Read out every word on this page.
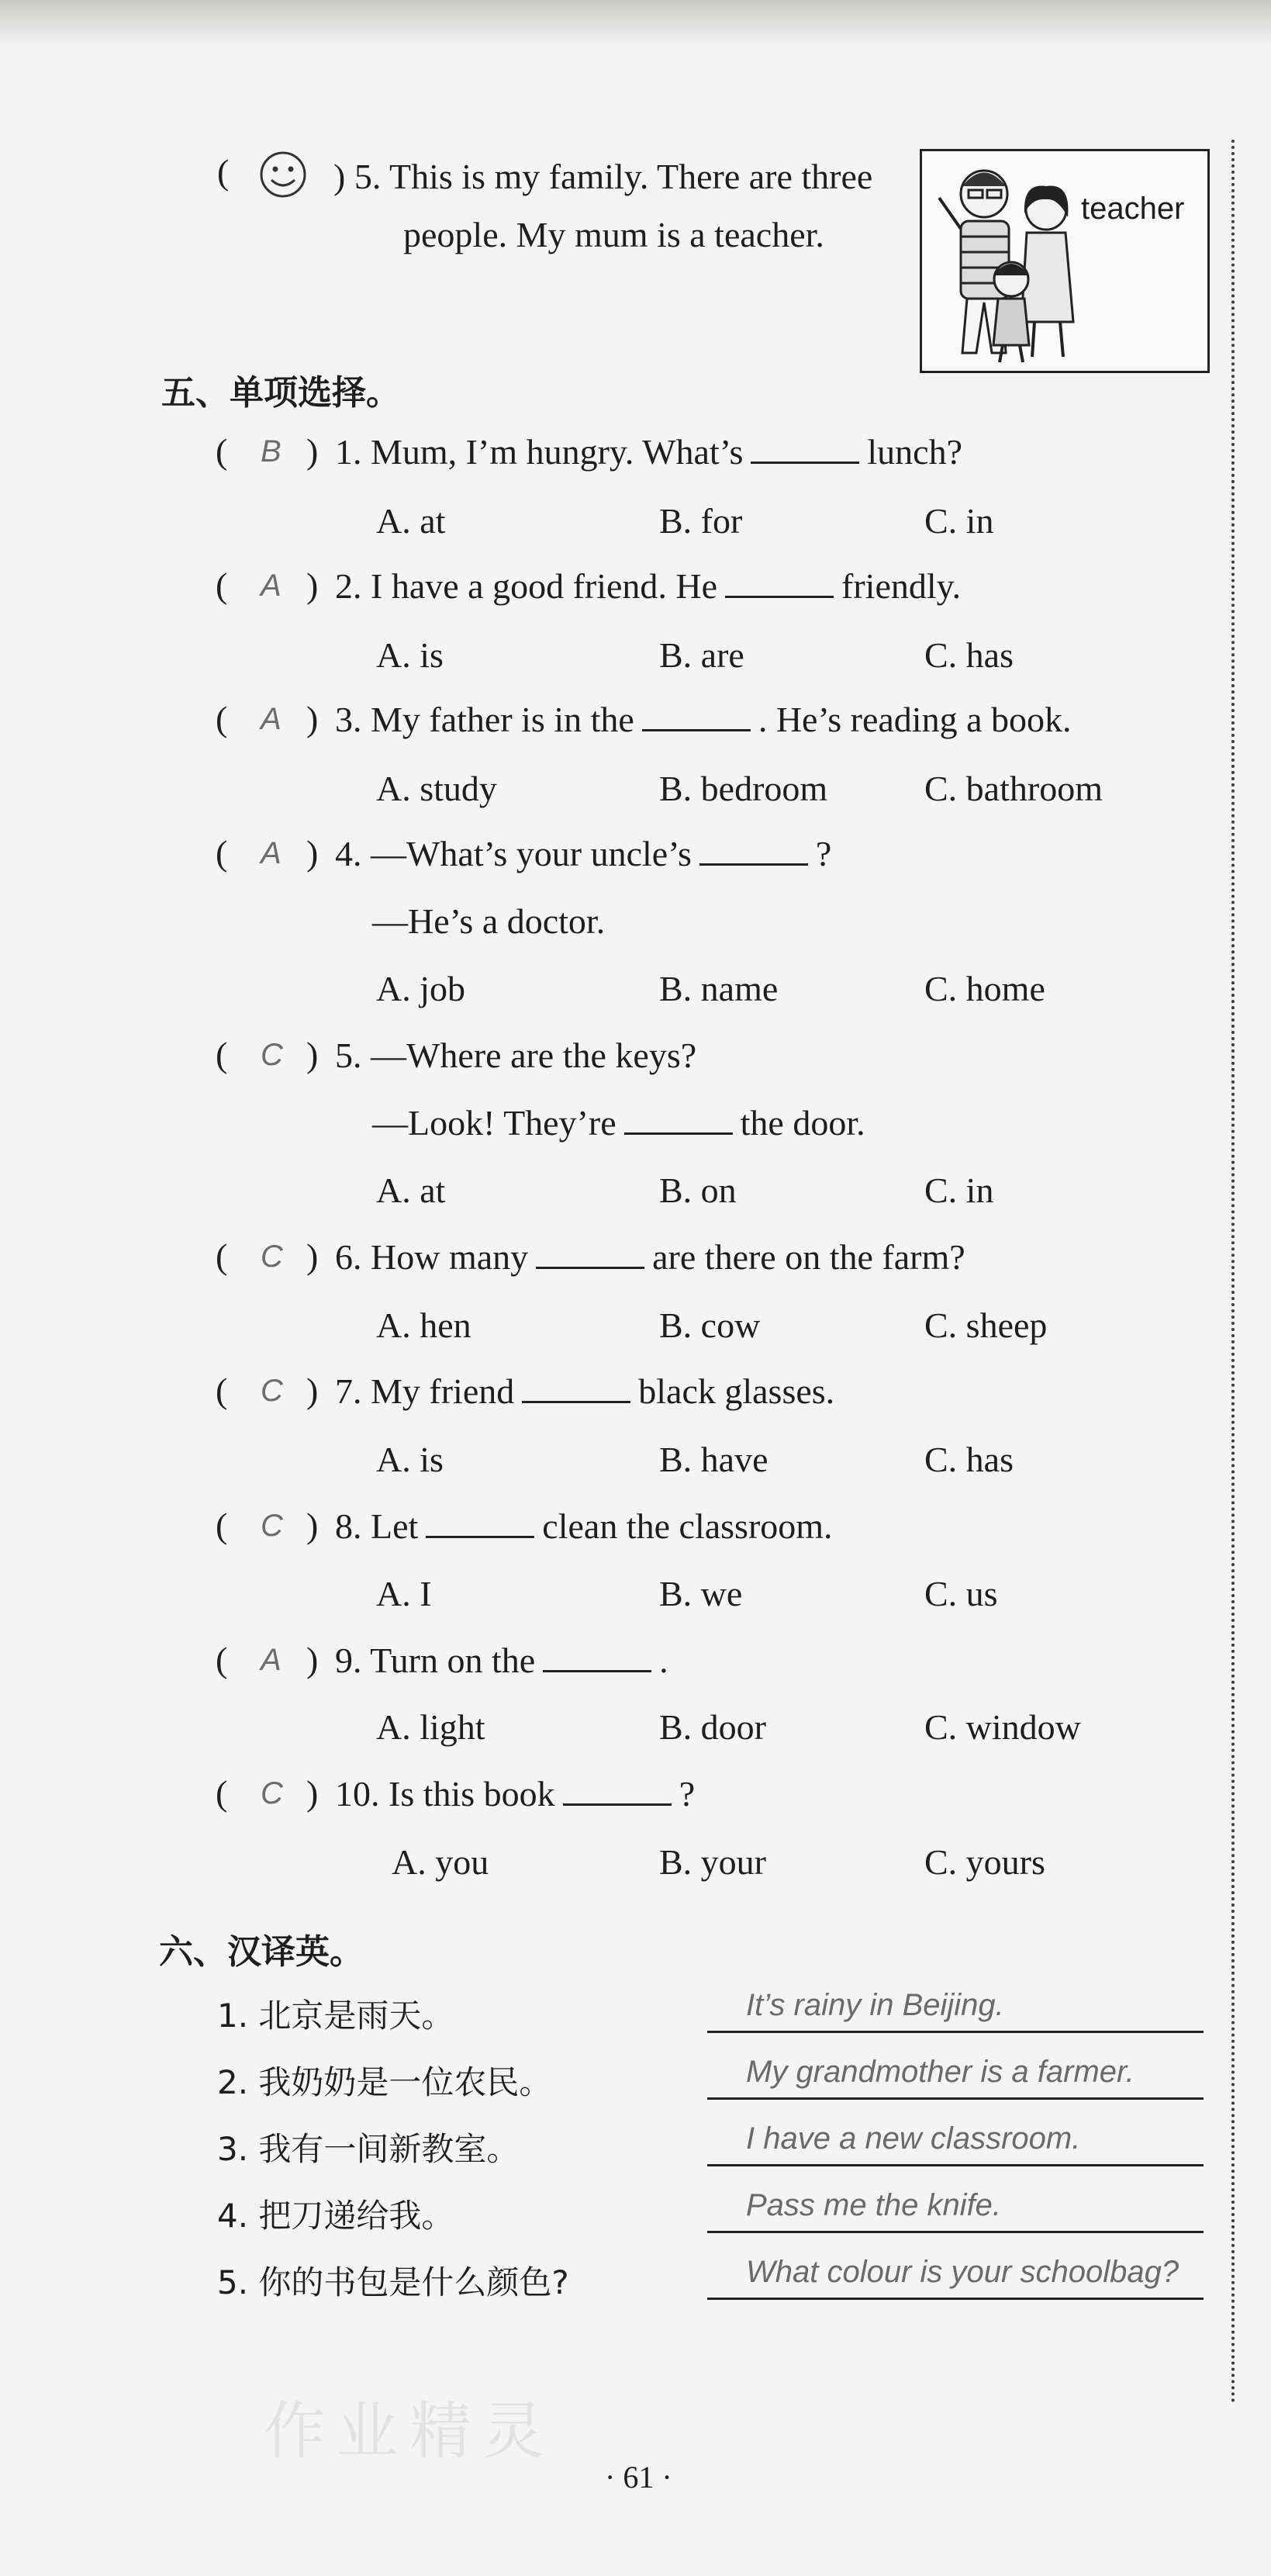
(	) 5. This is my family. There are three
people. My mum is a teacher.
teacher
五、单项选择。
( B ) 1. Mum, I’m hungry. What’s	lunch?
A. at	B. for	C. in
( A ) 2. I have a good friend. He	friendly.
A. is	B. are	C. has
( A ) 3. My father is in the	. He’s reading a book.
A. study	B. bedroom	C. bathroom
( A ) 4. —What’s your uncle’s	?
—He’s a doctor.
A. job	B. name	C. home
( C ) 5. —Where are the keys?
—Look! They’re	the door.
A. at	B. on	C. in
( C ) 6. How many	are there on the farm?
A. hen	B. cow	C. sheep
( C ) 7. My friend	black glasses.
A. is	B. have	C. has
( C ) 8. Let	clean the classroom.
A. I	B. we	C. us
( A ) 9. Turn on the	.
A. light	B. door	C. window
( C ) 10. Is this book	?
A. you	B. your	C. yours
六、汉译英。
1. 北京是雨天。	It’s rainy in Beijing.
2. 我奶奶是一位农民。	My grandmother is a farmer.
3. 我有一间新教室。	I have a new classroom.
4. 把刀递给我。	Pass me the knife.
5. 你的书包是什么颜色?	What colour is your schoolbag?
作业精灵
· 61 ·
